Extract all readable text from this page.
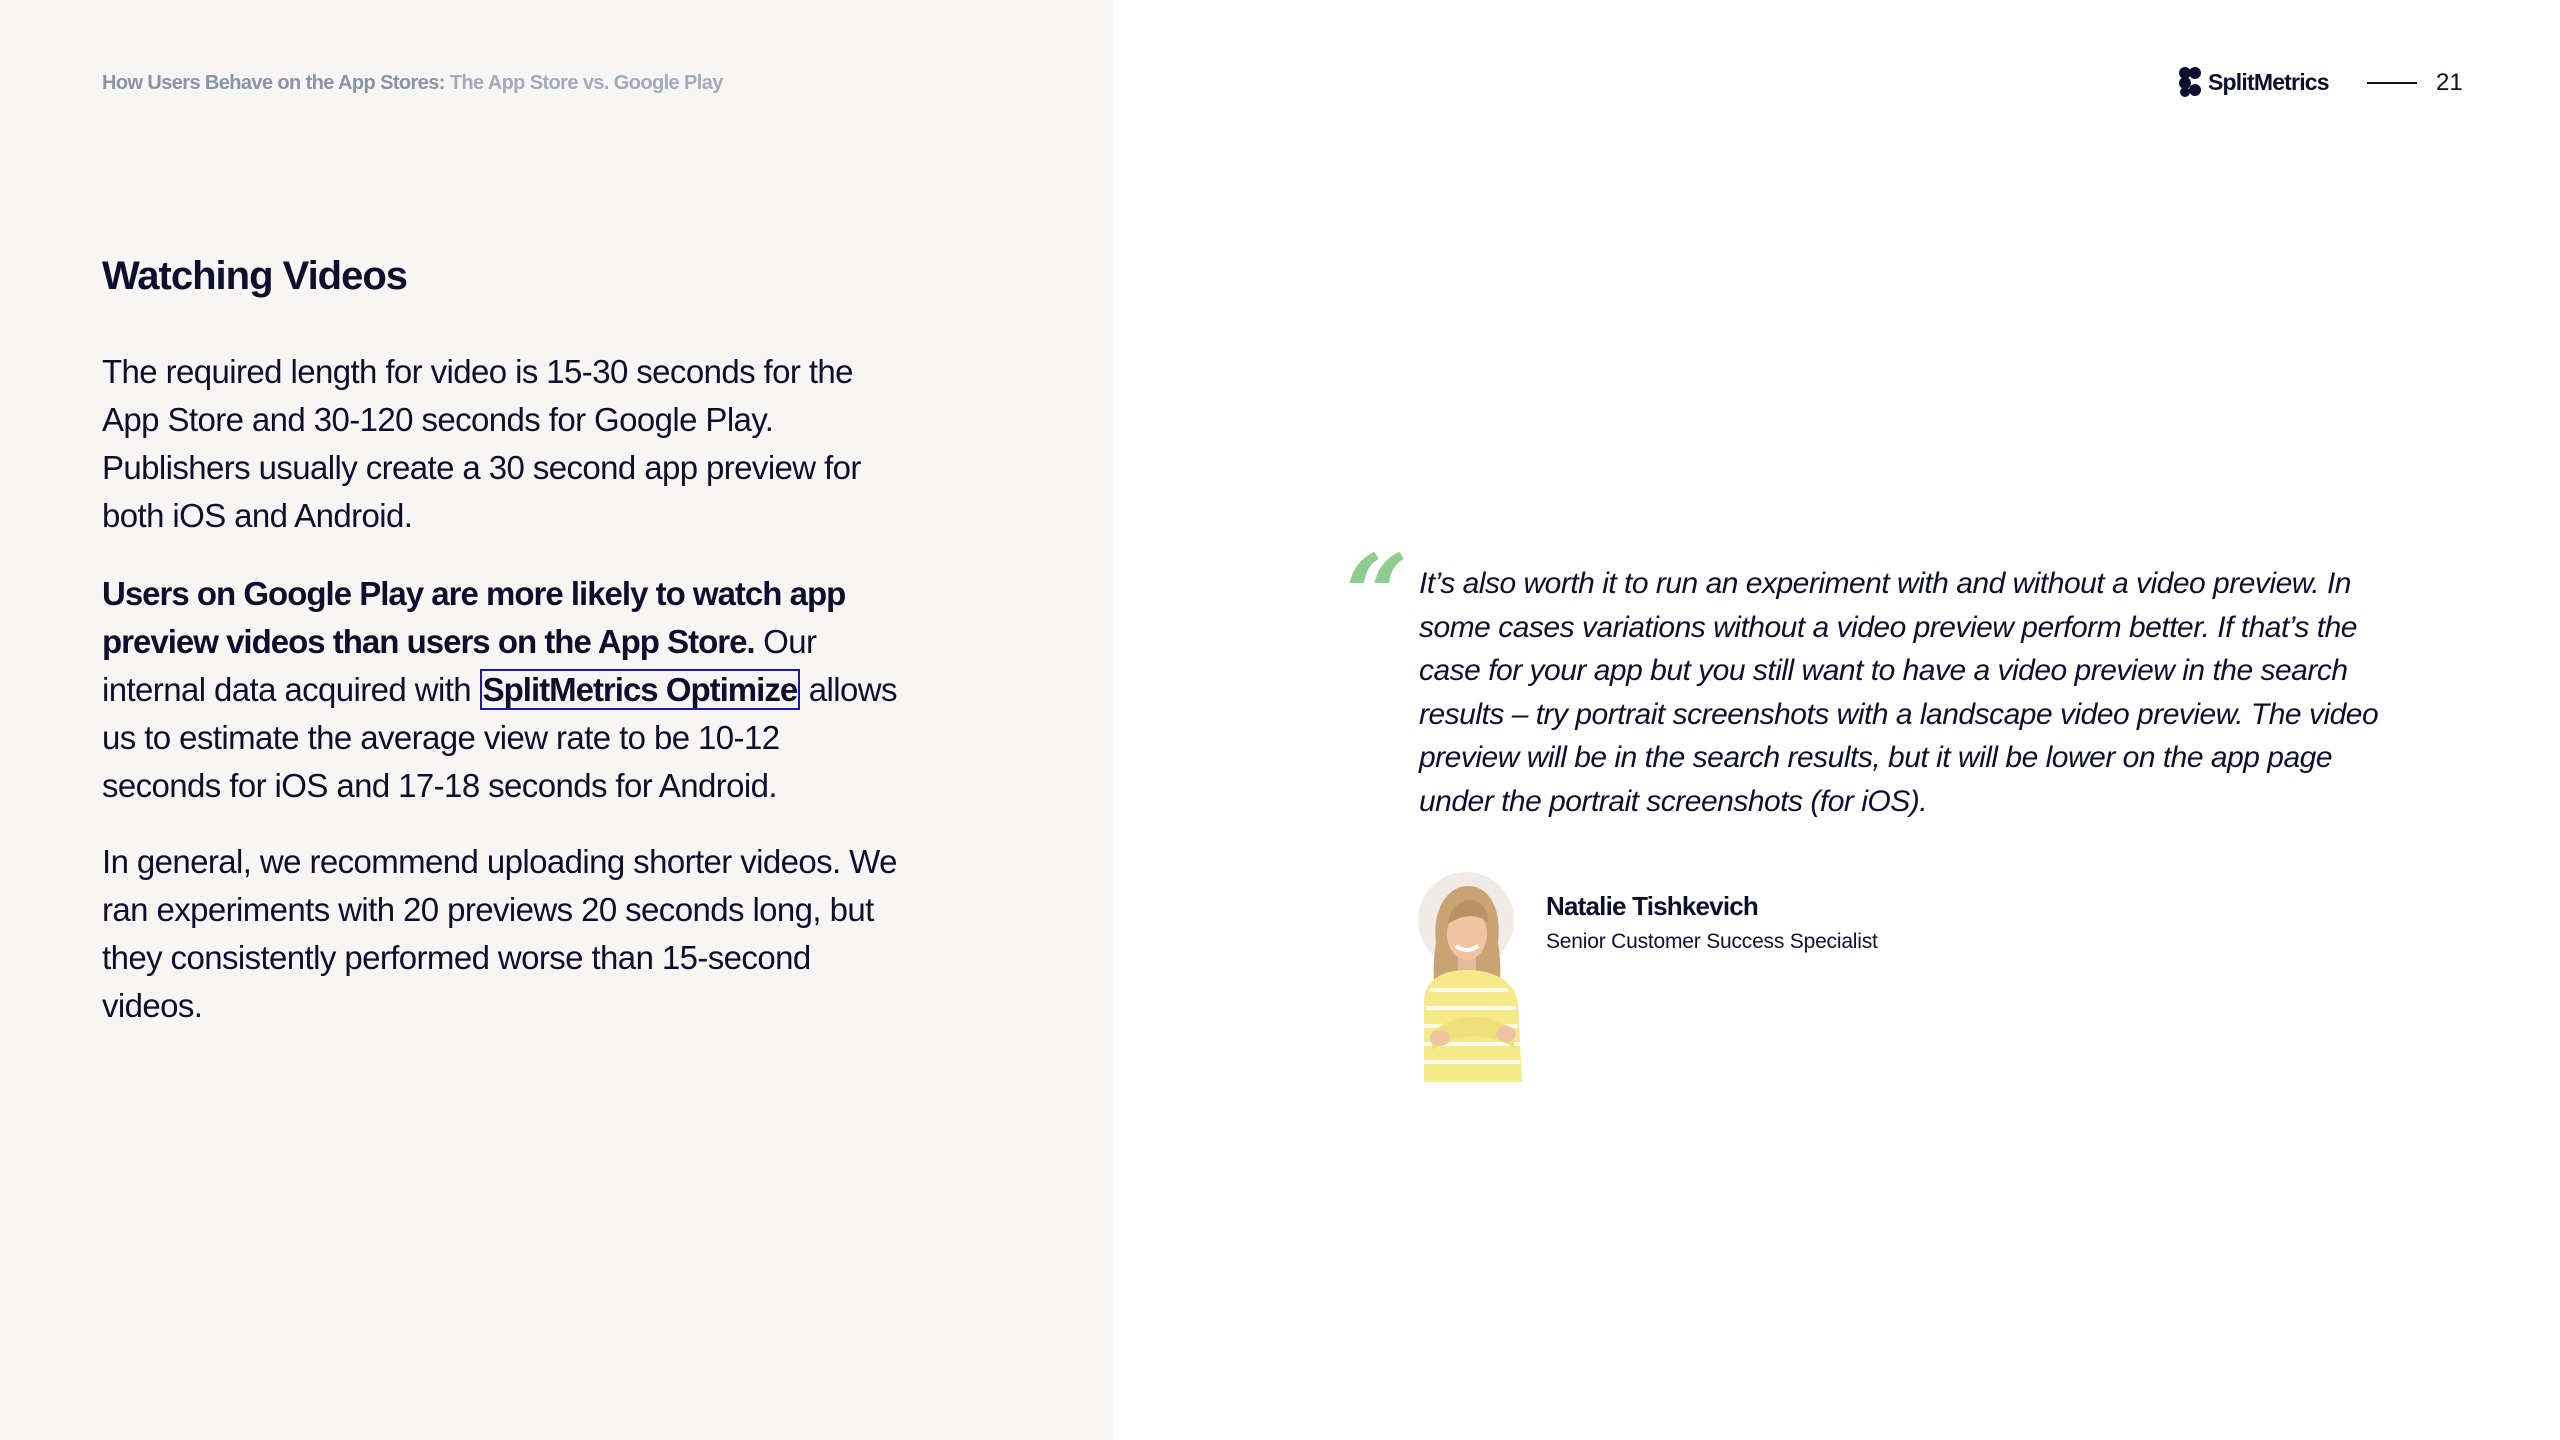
How Users Behave on the App Stores: The App Store vs. Google Play
Watching Videos

The required length for video is 15-30 seconds for the App Store and 30-120 seconds for Google Play. Publishers usually create a 30 second app preview for both iOS and Android.

Users on Google Play are more likely to watch app preview videos than users on the App Store. Our internal data acquired with SplitMetrics Optimize allows us to estimate the average view rate to be 10-12 seconds for iOS and 17-18 seconds for Android.

In general, we recommend uploading shorter videos. We ran experiments with 20 previews 20 seconds long, but they consistently performed worse than 15-second videos.

SplitMetrics	21
“ It’s also worth it to run an experiment with and without a video preview. In some cases variations without a video preview perform better. If that’s the case for your app but you still want to have a video preview in the search results – try portrait screenshots with a landscape video preview. The video preview will be in the search results, but it will be lower on the app page under the portrait screenshots (for iOS).

Natalie Tishkevich
Senior Customer Success Specialist
